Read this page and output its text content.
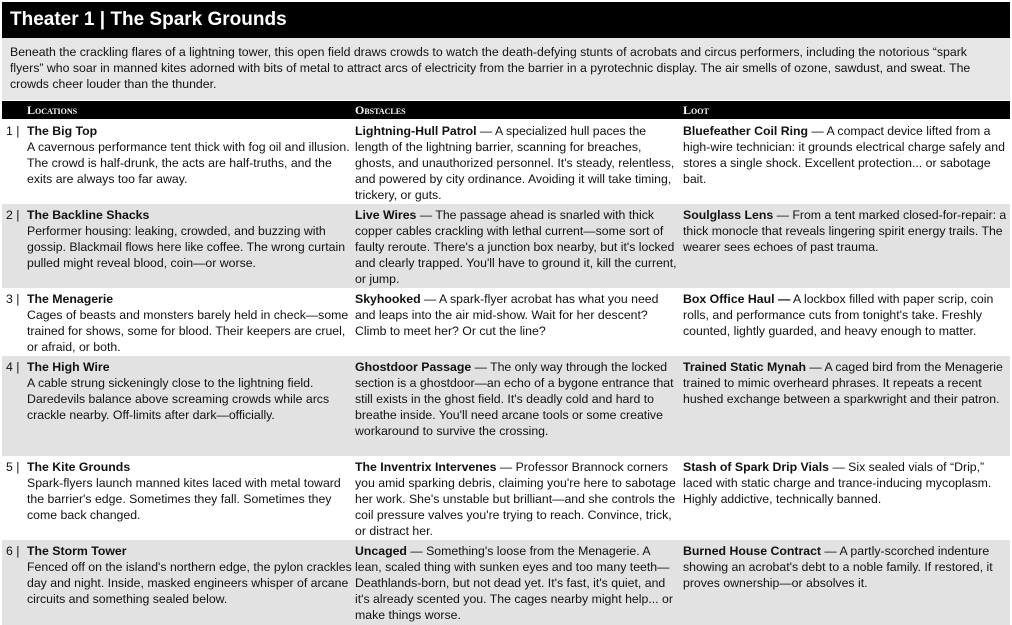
Theater 1 | The Spark Grounds
Beneath the crackling flares of a lightning tower, this open field draws crowds to watch the death-defying stunts of acrobats and circus performers, including the notorious “spark flyers” who soar in manned kites adorned with bits of metal to attract arcs of electricity from the barrier in a pyrotechnic display. The air smells of ozone, sawdust, and sweat. The crowds cheer louder than the thunder.
Locations	Obstacles	Loot
1 | The Big Top
A cavernous performance tent thick with fog oil and illusion. The crowd is half-drunk, the acts are half-truths, and the exits are always too far away.
Lightning-Hull Patrol — A specialized hull paces the length of the lightning barrier, scanning for breaches, ghosts, and unauthorized personnel. It's steady, relentless, and powered by city ordinance. Avoiding it will take timing, trickery, or guts.
Bluefeather Coil Ring — A compact device lifted from a high-wire technician: it grounds electrical charge safely and stores a single shock. Excellent protection... or sabotage bait.
2 | The Backline Shacks
Performer housing: leaking, crowded, and buzzing with gossip. Blackmail flows here like coffee. The wrong curtain pulled might reveal blood, coin—or worse.
Live Wires — The passage ahead is snarled with thick copper cables crackling with lethal current—some sort of faulty reroute. There's a junction box nearby, but it's locked and clearly trapped. You'll have to ground it, kill the current, or jump.
Soulglass Lens — From a tent marked closed-for-repair: a thick monocle that reveals lingering spirit energy trails. The wearer sees echoes of past trauma.
3 | The Menagerie
Cages of beasts and monsters barely held in check—some trained for shows, some for blood. Their keepers are cruel, or afraid, or both.
Skyhooked — A spark-flyer acrobat has what you need and leaps into the air mid-show. Wait for her descent? Climb to meet her? Or cut the line?
Box Office Haul — A lockbox filled with paper scrip, coin rolls, and performance cuts from tonight's take. Freshly counted, lightly guarded, and heavy enough to matter.
4 | The High Wire
A cable strung sickeningly close to the lightning field. Daredevils balance above screaming crowds while arcs crackle nearby. Off-limits after dark—officially.
Ghostdoor Passage — The only way through the locked section is a ghostdoor—an echo of a bygone entrance that still exists in the ghost field. It's deadly cold and hard to breathe inside. You'll need arcane tools or some creative workaround to survive the crossing.
Trained Static Mynah — A caged bird from the Menagerie trained to mimic overheard phrases. It repeats a recent hushed exchange between a sparkwright and their patron.
5 | The Kite Grounds
Spark-flyers launch manned kites laced with metal toward the barrier's edge. Sometimes they fall. Sometimes they come back changed.
The Inventrix Intervenes — Professor Brannock corners you amid sparking debris, claiming you're here to sabotage her work. She's unstable but brilliant—and she controls the coil pressure valves you're trying to reach. Convince, trick, or distract her.
Stash of Spark Drip Vials — Six sealed vials of “Drip,” laced with static charge and trance-inducing mycoplasm. Highly addictive, technically banned.
6 | The Storm Tower
Fenced off on the island's northern edge, the pylon crackles day and night. Inside, masked engineers whisper of arcane circuits and something sealed below.
Uncaged — Something's loose from the Menagerie. A lean, scaled thing with sunken eyes and too many teeth—Deathlands-born, but not dead yet. It's fast, it's quiet, and it's already scented you. The cages nearby might help... or make things worse.
Burned House Contract — A partly-scorched indenture showing an acrobat's debt to a noble family. If restored, it proves ownership—or absolves it.
